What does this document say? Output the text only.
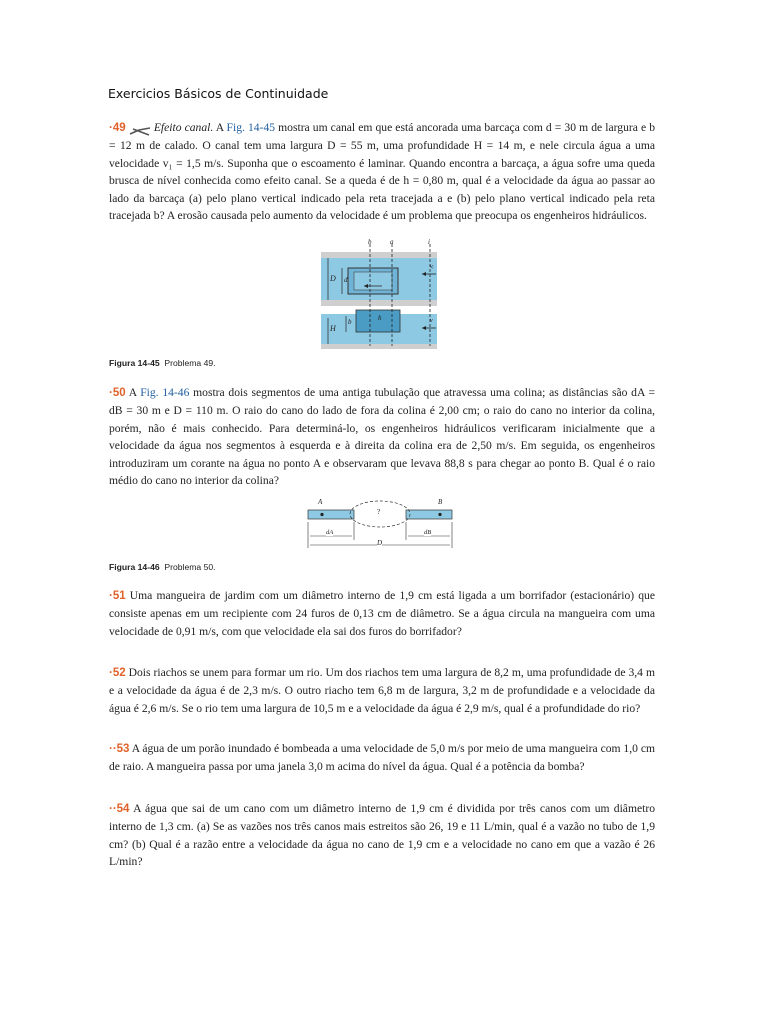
Exercicios Básicos de Continuidade
·49 Efeito canal. A Fig. 14-45 mostra um canal em que está ancorada uma barcaça com d = 30 m de largura e b = 12 m de calado. O canal tem uma largura D = 55 m, uma profundidade H = 14 m, e nele circula água a uma velocidade v₁ = 1,5 m/s. Suponha que o escoamento é laminar. Quando encontra a barcaça, a água sofre uma queda brusca de nível conhecida como efeito canal. Se a queda é de h = 0,80 m, qual é a velocidade da água ao passar ao lado da barcaça (a) pelo plano vertical indicado pela reta tracejada a e (b) pelo plano vertical indicado pela reta tracejada b? A erosão causada pelo aumento da velocidade é um problema que preocupa os engenheiros hidráulicos.
b	a	i
D d
H
b	h
vᵢ
v
Figura 14-45 Problema 49.
·50 A Fig. 14-46 mostra dois segmentos de uma antiga tubulação que atravessa uma colina; as distâncias são dA = dB = 30 m e D = 110 m. O raio do cano do lado de fora da colina é 2,00 cm; o raio do cano no interior da colina, porém, não é mais conhecido. Para determiná-lo, os engenheiros hidráulicos verificaram inicialmente que a velocidade da água nos segmentos à esquerda e à direita da colina era de 2,50 m/s. Em seguida, os engenheiros introduziram um corante na água no ponto A e observaram que levava 88,8 s para chegar ao ponto B. Qual é o raio médio do cano no interior da colina?
A	B
?
dA	dB
D
Figura 14-46 Problema 50.
·51 Uma mangueira de jardim com um diâmetro interno de 1,9 cm está ligada a um borrifador (estacionário) que consiste apenas em um recipiente com 24 furos de 0,13 cm de diâmetro. Se a água circula na mangueira com uma velocidade de 0,91 m/s, com que velocidade ela sai dos furos do borrifador?
·52 Dois riachos se unem para formar um rio. Um dos riachos tem uma largura de 8,2 m, uma profundidade de 3,4 m e a velocidade da água é de 2,3 m/s. O outro riacho tem 6,8 m de largura, 3,2 m de profundidade e a velocidade da água é 2,6 m/s. Se o rio tem uma largura de 10,5 m e a velocidade da água é 2,9 m/s, qual é a profundidade do rio?
··53 A água de um porão inundado é bombeada a uma velocidade de 5,0 m/s por meio de uma mangueira com 1,0 cm de raio. A mangueira passa por uma janela 3,0 m acima do nível da água. Qual é a potência da bomba?
··54 A água que sai de um cano com um diâmetro interno de 1,9 cm é dividida por três canos com um diâmetro interno de 1,3 cm. (a) Se as vazões nos três canos mais estreitos são 26, 19 e 11 L/min, qual é a vazão no tubo de 1,9 cm? (b) Qual é a razão entre a velocidade da água no cano de 1,9 cm e a velocidade no cano em que a vazão é 26 L/min?
